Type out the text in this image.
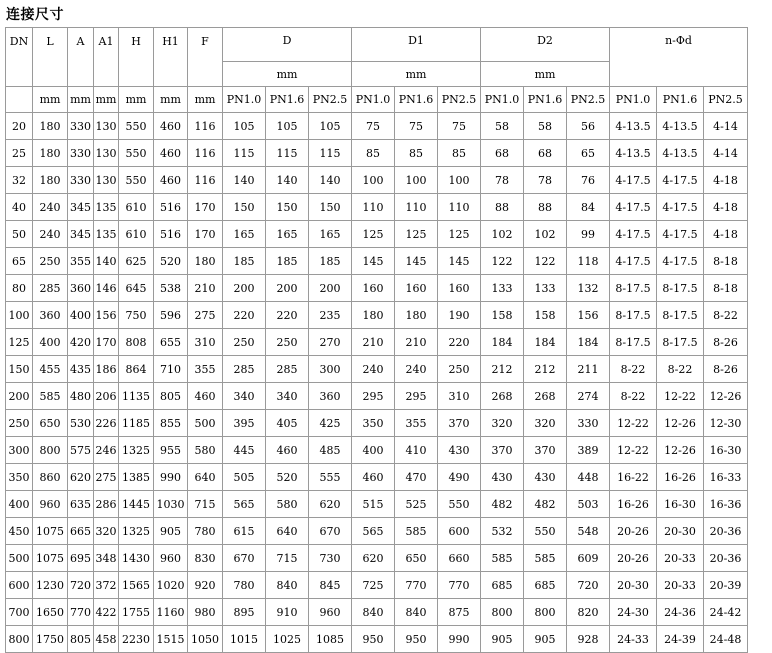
连接尺寸
DN	L	A	A1	H	H1	F	D			D1			D2			n-Φd		
							mm			mm			mm					
	mm	mm	mm	mm	mm	mm	PN1.0	PN1.6	PN2.5	PN1.0	PN1.6	PN2.5	PN1.0	PN1.6	PN2.5	PN1.0	PN1.6	PN2.5
20	180	330	130	550	460	116	105	105	105	75	75	75	58	58	56	4-13.5	4-13.5	4-14
25	180	330	130	550	460	116	115	115	115	85	85	85	68	68	65	4-13.5	4-13.5	4-14
32	180	330	130	550	460	116	140	140	140	100	100	100	78	78	76	4-17.5	4-17.5	4-18
40	240	345	135	610	516	170	150	150	150	110	110	110	88	88	84	4-17.5	4-17.5	4-18
50	240	345	135	610	516	170	165	165	165	125	125	125	102	102	99	4-17.5	4-17.5	4-18
65	250	355	140	625	520	180	185	185	185	145	145	145	122	122	118	4-17.5	4-17.5	8-18
80	285	360	146	645	538	210	200	200	200	160	160	160	133	133	132	8-17.5	8-17.5	8-18
100	360	400	156	750	596	275	220	220	235	180	180	190	158	158	156	8-17.5	8-17.5	8-22
125	400	420	170	808	655	310	250	250	270	210	210	220	184	184	184	8-17.5	8-17.5	8-26
150	455	435	186	864	710	355	285	285	300	240	240	250	212	212	211	8-22	8-22	8-26
200	585	480	206	1135	805	460	340	340	360	295	295	310	268	268	274	8-22	12-22	12-26
250	650	530	226	1185	855	500	395	405	425	350	355	370	320	320	330	12-22	12-26	12-30
300	800	575	246	1325	955	580	445	460	485	400	410	430	370	370	389	12-22	12-26	16-30
350	860	620	275	1385	990	640	505	520	555	460	470	490	430	430	448	16-22	16-26	16-33
400	960	635	286	1445	1030	715	565	580	620	515	525	550	482	482	503	16-26	16-30	16-36
450	1075	665	320	1325	905	780	615	640	670	565	585	600	532	550	548	20-26	20-30	20-36
500	1075	695	348	1430	960	830	670	715	730	620	650	660	585	585	609	20-26	20-33	20-36
600	1230	720	372	1565	1020	920	780	840	845	725	770	770	685	685	720	20-30	20-33	20-39
700	1650	770	422	1755	1160	980	895	910	960	840	840	875	800	800	820	24-30	24-36	24-42
800	1750	805	458	2230	1515	1050	1015	1025	1085	950	950	990	905	905	928	24-33	24-39	24-48
